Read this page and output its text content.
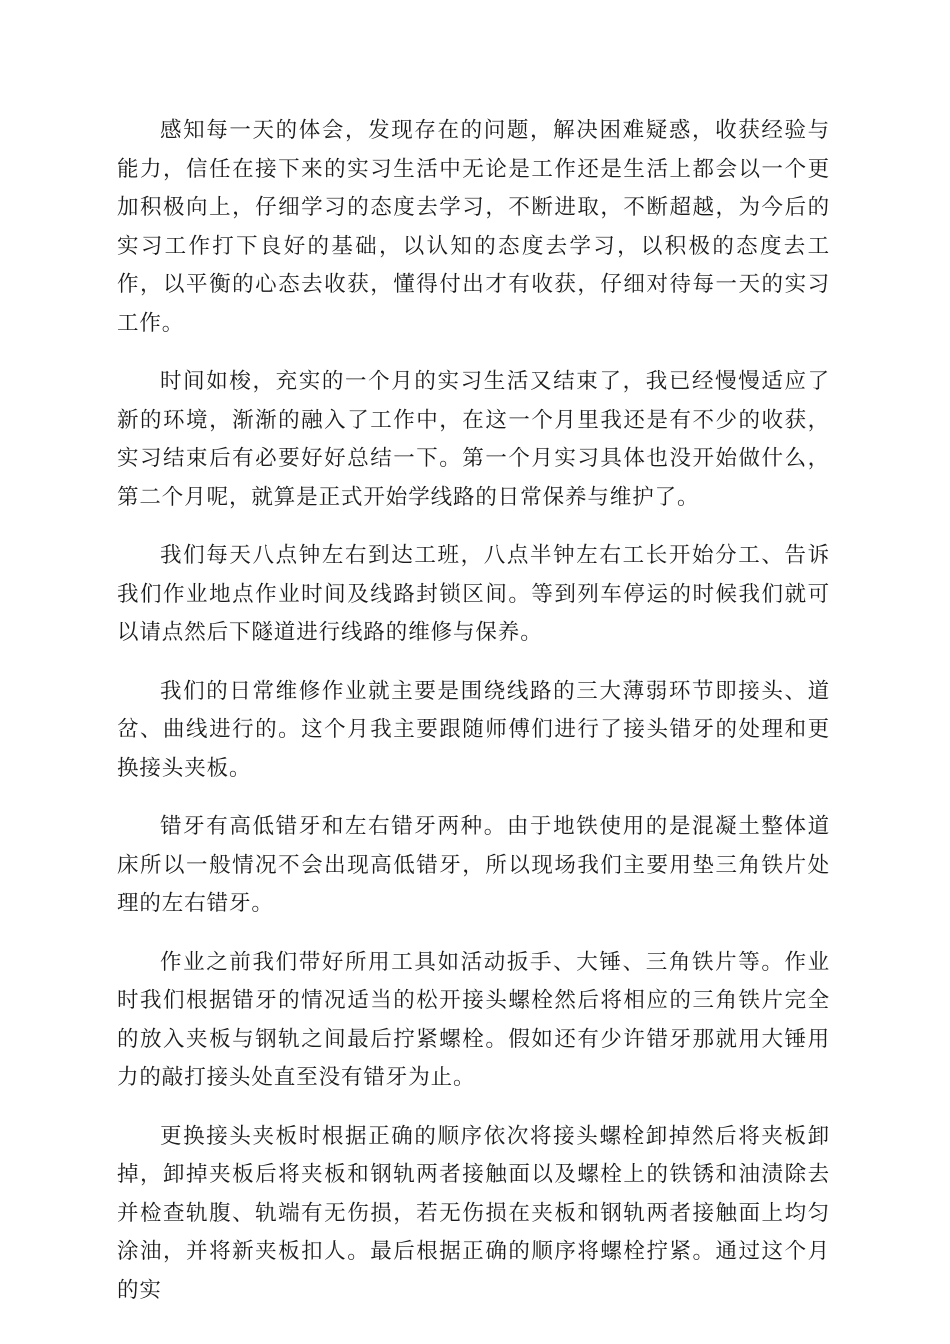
感知每一天的体会，发现存在的问题，解决困难疑惑，收获经验与能力，信任在接下来的实习生活中无论是工作还是生活上都会以一个更加积极向上，仔细学习的态度去学习，不断进取，不断超越，为今后的实习工作打下良好的基础，以认知的态度去学习，以积极的态度去工作，以平衡的心态去收获，懂得付出才有收获，仔细对待每一天的实习工作。

时间如梭，充实的一个月的实习生活又结束了，我已经慢慢适应了新的环境，渐渐的融入了工作中，在这一个月里我还是有不少的收获，实习结束后有必要好好总结一下。第一个月实习具体也没开始做什么，第二个月呢，就算是正式开始学线路的日常保养与维护了。

我们每天八点钟左右到达工班，八点半钟左右工长开始分工、告诉我们作业地点作业时间及线路封锁区间。等到列车停运的时候我们就可以请点然后下隧道进行线路的维修与保养。

我们的日常维修作业就主要是围绕线路的三大薄弱环节即接头、道岔、曲线进行的。这个月我主要跟随师傅们进行了接头错牙的处理和更换接头夹板。

错牙有高低错牙和左右错牙两种。由于地铁使用的是混凝土整体道床所以一般情况不会出现高低错牙，所以现场我们主要用垫三角铁片处理的左右错牙。

作业之前我们带好所用工具如活动扳手、大锤、三角铁片等。作业时我们根据错牙的情况适当的松开接头螺栓然后将相应的三角铁片完全的放入夹板与钢轨之间最后拧紧螺栓。假如还有少许错牙那就用大锤用力的敲打接头处直至没有错牙为止。

更换接头夹板时根据正确的顺序依次将接头螺栓卸掉然后将夹板卸掉，卸掉夹板后将夹板和钢轨两者接触面以及螺栓上的铁锈和油渍除去并检查轨腹、轨端有无伤损，若无伤损在夹板和钢轨两者接触面上均匀涂油，并将新夹板扣人。最后根据正确的顺序将螺栓拧紧。通过这个月的实
